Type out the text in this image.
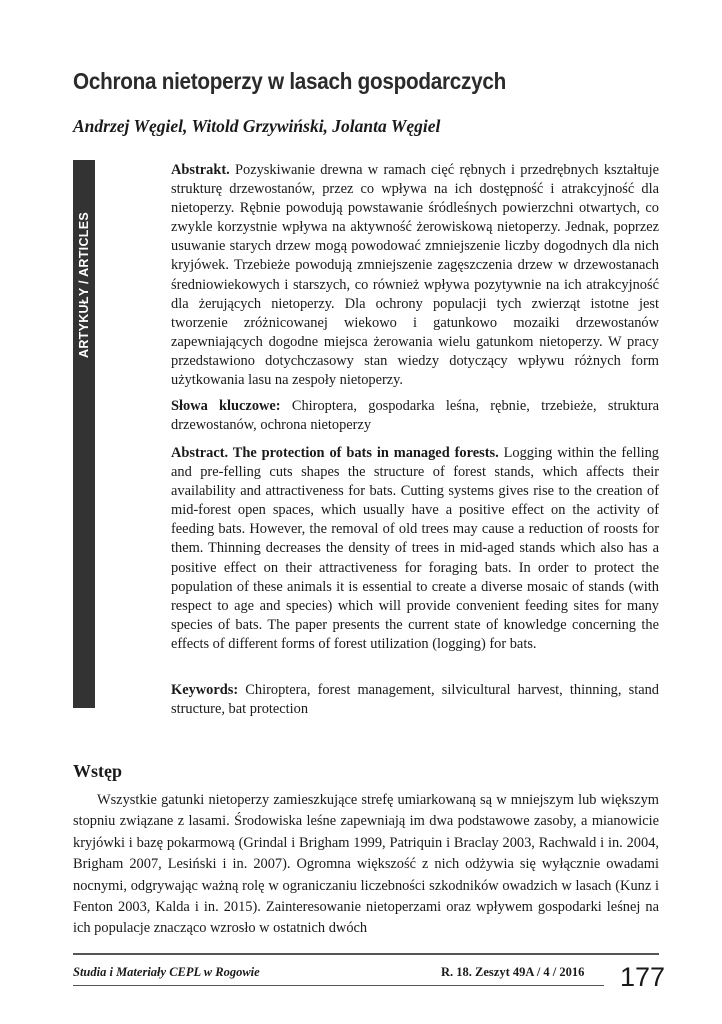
Ochrona nietoperzy w lasach gospodarczych
Andrzej Węgiel, Witold Grzywiński, Jolanta Węgiel
ARTYKUŁY / ARTICLES
Abstrakt. Pozyskiwanie drewna w ramach cięć rębnych i przedrębnych kształtuje strukturę drzewostanów, przez co wpływa na ich dostępność i atrakcyjność dla nietoperzy. Rębnie powodują powstawanie śródleśnych powierzchni otwartych, co zwykle korzystnie wpływa na aktywność żerowiskową nietoperzy. Jednak, poprzez usuwanie starych drzew mogą powodować zmniejszenie liczby dogodnych dla nich kryjówek. Trzebieże powodują zmniejszenie zagęszczenia drzew w drzewostanach średniowiekowych i starszych, co również wpływa pozytywnie na ich atrakcyjność dla żerujących nietoperzy. Dla ochrony populacji tych zwierząt istotne jest tworzenie zróżnicowanej wiekowo i gatunkowo mozaiki drzewostanów zapewniających dogodne miejsca żerowania wielu gatunkom nietoperzy. W pracy przedstawiono dotychczasowy stan wiedzy dotyczący wpływu różnych form użytkowania lasu na zespoły nietoperzy.
Słowa kluczowe: Chiroptera, gospodarka leśna, rębnie, trzebieże, struktura drzewostanów, ochrona nietoperzy
Abstract. The protection of bats in managed forests. Logging within the felling and pre-felling cuts shapes the structure of forest stands, which affects their availability and attractiveness for bats. Cutting systems gives rise to the creation of mid-forest open spaces, which usually have a positive effect on the activity of feeding bats. However, the removal of old trees may cause a reduction of roosts for them. Thinning decreases the density of trees in mid-aged stands which also has a positive effect on their attractiveness for foraging bats. In order to protect the population of these animals it is essential to create a diverse mosaic of stands (with respect to age and species) which will provide convenient feeding sites for many species of bats. The paper presents the current state of knowledge concerning the effects of different forms of forest utilization (logging) for bats.
Keywords: Chiroptera, forest management, silvicultural harvest, thinning, stand structure, bat protection
Wstęp
Wszystkie gatunki nietoperzy zamieszkujące strefę umiarkowaną są w mniejszym lub większym stopniu związane z lasami. Środowiska leśne zapewniają im dwa podstawowe zasoby, a mianowicie kryjówki i bazę pokarmową (Grindal i Brigham 1999, Patriquin i Braclay 2003, Rachwald i in. 2004, Brigham 2007, Lesiński i in. 2007). Ogromna większość z nich odżywia się wyłącznie owadami nocnymi, odgrywając ważną rolę w ograniczaniu liczebności szkodników owadzich w lasach (Kunz i Fenton 2003, Kalda i in. 2015). Zainteresowanie nietoperzami oraz wpływem gospodarki leśnej na ich populacje znacząco wzrosło w ostatnich dwóch
Studia i Materiały CEPL w Rogowie	R. 18. Zeszyt 49A / 4 / 2016 177
